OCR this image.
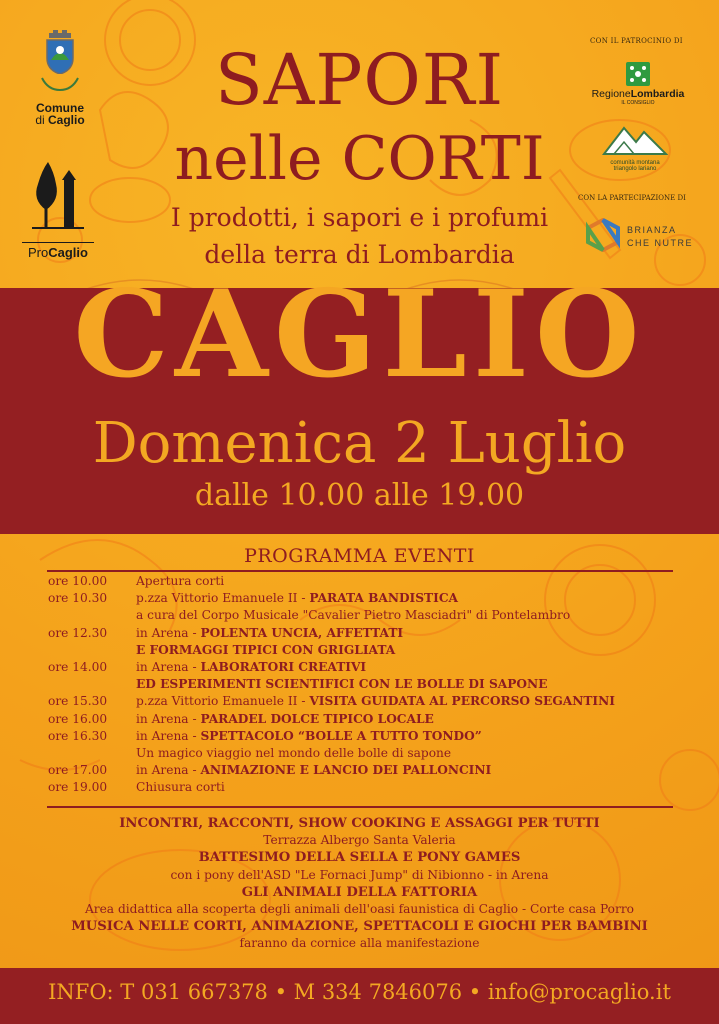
Comune
di Caglio
ProCaglio
CON IL PATROCINIO DI
RegioneLombardia
IL CONSIGLIO
comunità montana
triangolo lariano
CON LA PARTECIPAZIONE DI
BRIANZA
CHE NUTRE
SAPORI
nelle CORTI
I prodotti, i sapori e i profumi
della terra di Lombardia
CAGLIO
Domenica 2 Luglio
dalle 10.00 alle 19.00
PROGRAMMA EVENTI
ore 10.00	Apertura corti
ore 10.30	p.zza Vittorio Emanuele II - PARATA BANDISTICA
a cura del Corpo Musicale "Cavalier Pietro Masciadri" di Pontelambro
ore 12.30	in Arena - POLENTA UNCIA, AFFETTATI
E FORMAGGI TIPICI CON GRIGLIATA
ore 14.00	in Arena - LABORATORI CREATIVI
ED ESPERIMENTI SCIENTIFICI CON LE BOLLE DI SAPONE
ore 15.30	p.zza Vittorio Emanuele II - VISITA GUIDATA AL PERCORSO SEGANTINI
ore 16.00	in Arena - PARADEL DOLCE TIPICO LOCALE
ore 16.30	in Arena - SPETTACOLO “BOLLE A TUTTO TONDO”
Un magico viaggio nel mondo delle bolle di sapone
ore 17.00	in Arena - ANIMAZIONE E LANCIO DEI PALLONCINI
ore 19.00	Chiusura corti
INCONTRI, RACCONTI, SHOW COOKING E ASSAGGI PER TUTTI
Terrazza Albergo Santa Valeria
BATTESIMO DELLA SELLA E PONY GAMES
con i pony dell'ASD "Le Fornaci Jump" di Nibionno - in Arena
GLI ANIMALI DELLA FATTORIA
Area didattica alla scoperta degli animali dell'oasi faunistica di Caglio - Corte casa Porro
MUSICA NELLE CORTI, ANIMAZIONE, SPETTACOLI E GIOCHI PER BAMBINI
faranno da cornice alla manifestazione
INFO: T 031 667378 • M 334 7846076 • info@procaglio.it
